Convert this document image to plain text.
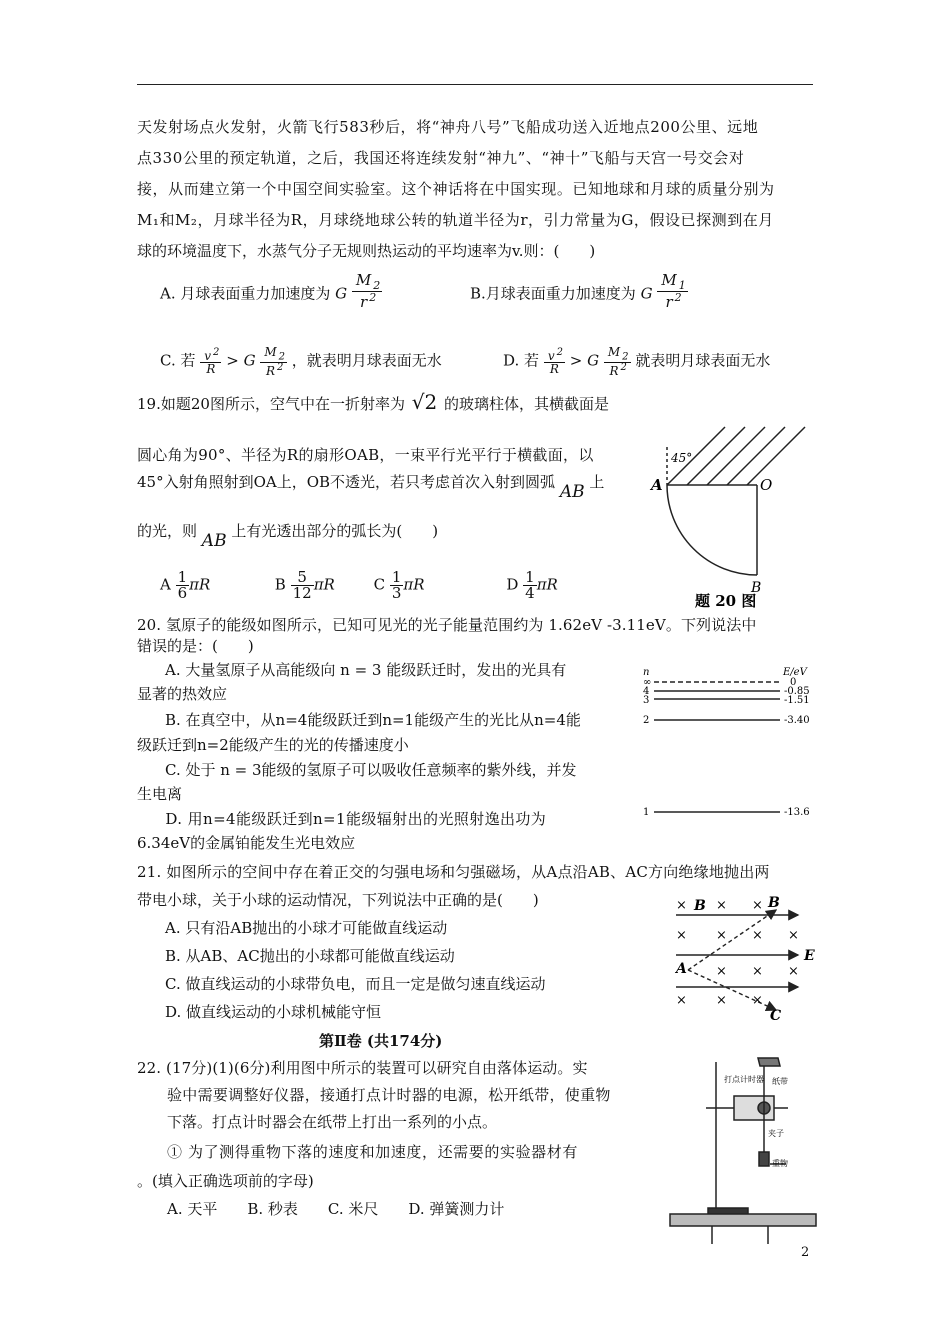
天发射场点火发射，火箭飞行583秒后，将“神舟八号”飞船成功送入近地点200公里、远地
点330公里的预定轨道，之后，我国还将连续发射“神九”、“神十”飞船与天宫一号交会对
接，从而建立第一个中国空间实验室。这个神话将在中国实现。已知地球和月球的质量分别为
M₁和M₂，月球半径为R，月球绕地球公转的轨道半径为r，引力常量为G，假设已探测到在月
球的环境温度下，水蒸气分子无规则热运动的平均速率为v.则：(　　)
A. 月球表面重力加速度为 G $\frac{M _2}{r ^2}$	B.月球表面重力加速度为 G $\frac{M _1}{r ^2}$
C. 若 $\frac{v ^2}{R} > G \frac{M _2}{R ^2}$ ，就表明月球表面无水	D. 若 $\frac{v ^2}{R} > G \frac{M _2}{R ^2}$ 就表明月球表面无水
19.如题20图所示，空气中在一折射率为 √2 的玻璃柱体，其横截面是
圆心角为90°、半径为R的扇形OAB，一束平行光平行于横截面，以
45°入射角照射到OA上，OB不透光，若只考虑首次入射到圆弧 AB 上
的光，则 AB 上有光透出部分的弧长为(　　)
A $\frac{1}{6}$ πR	B $\frac{5}{12}$ πR	C $\frac{1}{3}$ πR	D $\frac{1}{4}$ πR
45°
A	O
B
题 20 图
20. 氢原子的能级如图所示，已知可见光的光子能量范围约为 1.62eV -3.11eV。下列说法中
错误的是：(　　)
　A. 大量氢原子从高能级向 n = 3 能级跃迁时，发出的光具有
显著的热效应
　B. 在真空中，从n=4能级跃迁到n=1能级产生的光比从n=4能
级跃迁到n=2能级产生的光的传播速度小
　C. 处于 n = 3能级的氢原子可以吸收任意频率的紫外线，并发
生电离
　D. 用n=4能级跃迁到n=1能级辐射出的光照射逸出功为
6.34eV的金属铂能发生光电效应
n	E/eV
∞
4
3
2
1
0
-0.85
-1.51
-3.40
-13.6
21. 如图所示的空间中存在着正交的匀强电场和匀强磁场，从A点沿AB、AC方向绝缘地抛出两
带电小球，关于小球的运动情况，下列说法中正确的是(　　)
　A. 只有沿AB抛出的小球才可能做直线运动
　B. 从AB、AC抛出的小球都可能做直线运动
　C. 做直线运动的小球带负电，而且一定是做匀速直线运动
　D. 做直线运动的小球机械能守恒
× × ×
× × × ×
× × ×
× × ×
B	B
E
A
C
第Ⅱ卷 (共174分)
22. (17分)(1)(6分)利用图中所示的装置可以研究自由落体运动。实
验中需要调整好仪器，接通打点计时器的电源，松开纸带，使重物
下落。打点计时器会在纸带上打出一系列的小点。
① 为了测得重物下落的速度和加速度，还需要的实验器材有
。(填入正确选项前的字母)
A. 天平　　B. 秒表　　C. 米尺　　D. 弹簧测力计
打点计时器 纸带
夹子
重物
2
